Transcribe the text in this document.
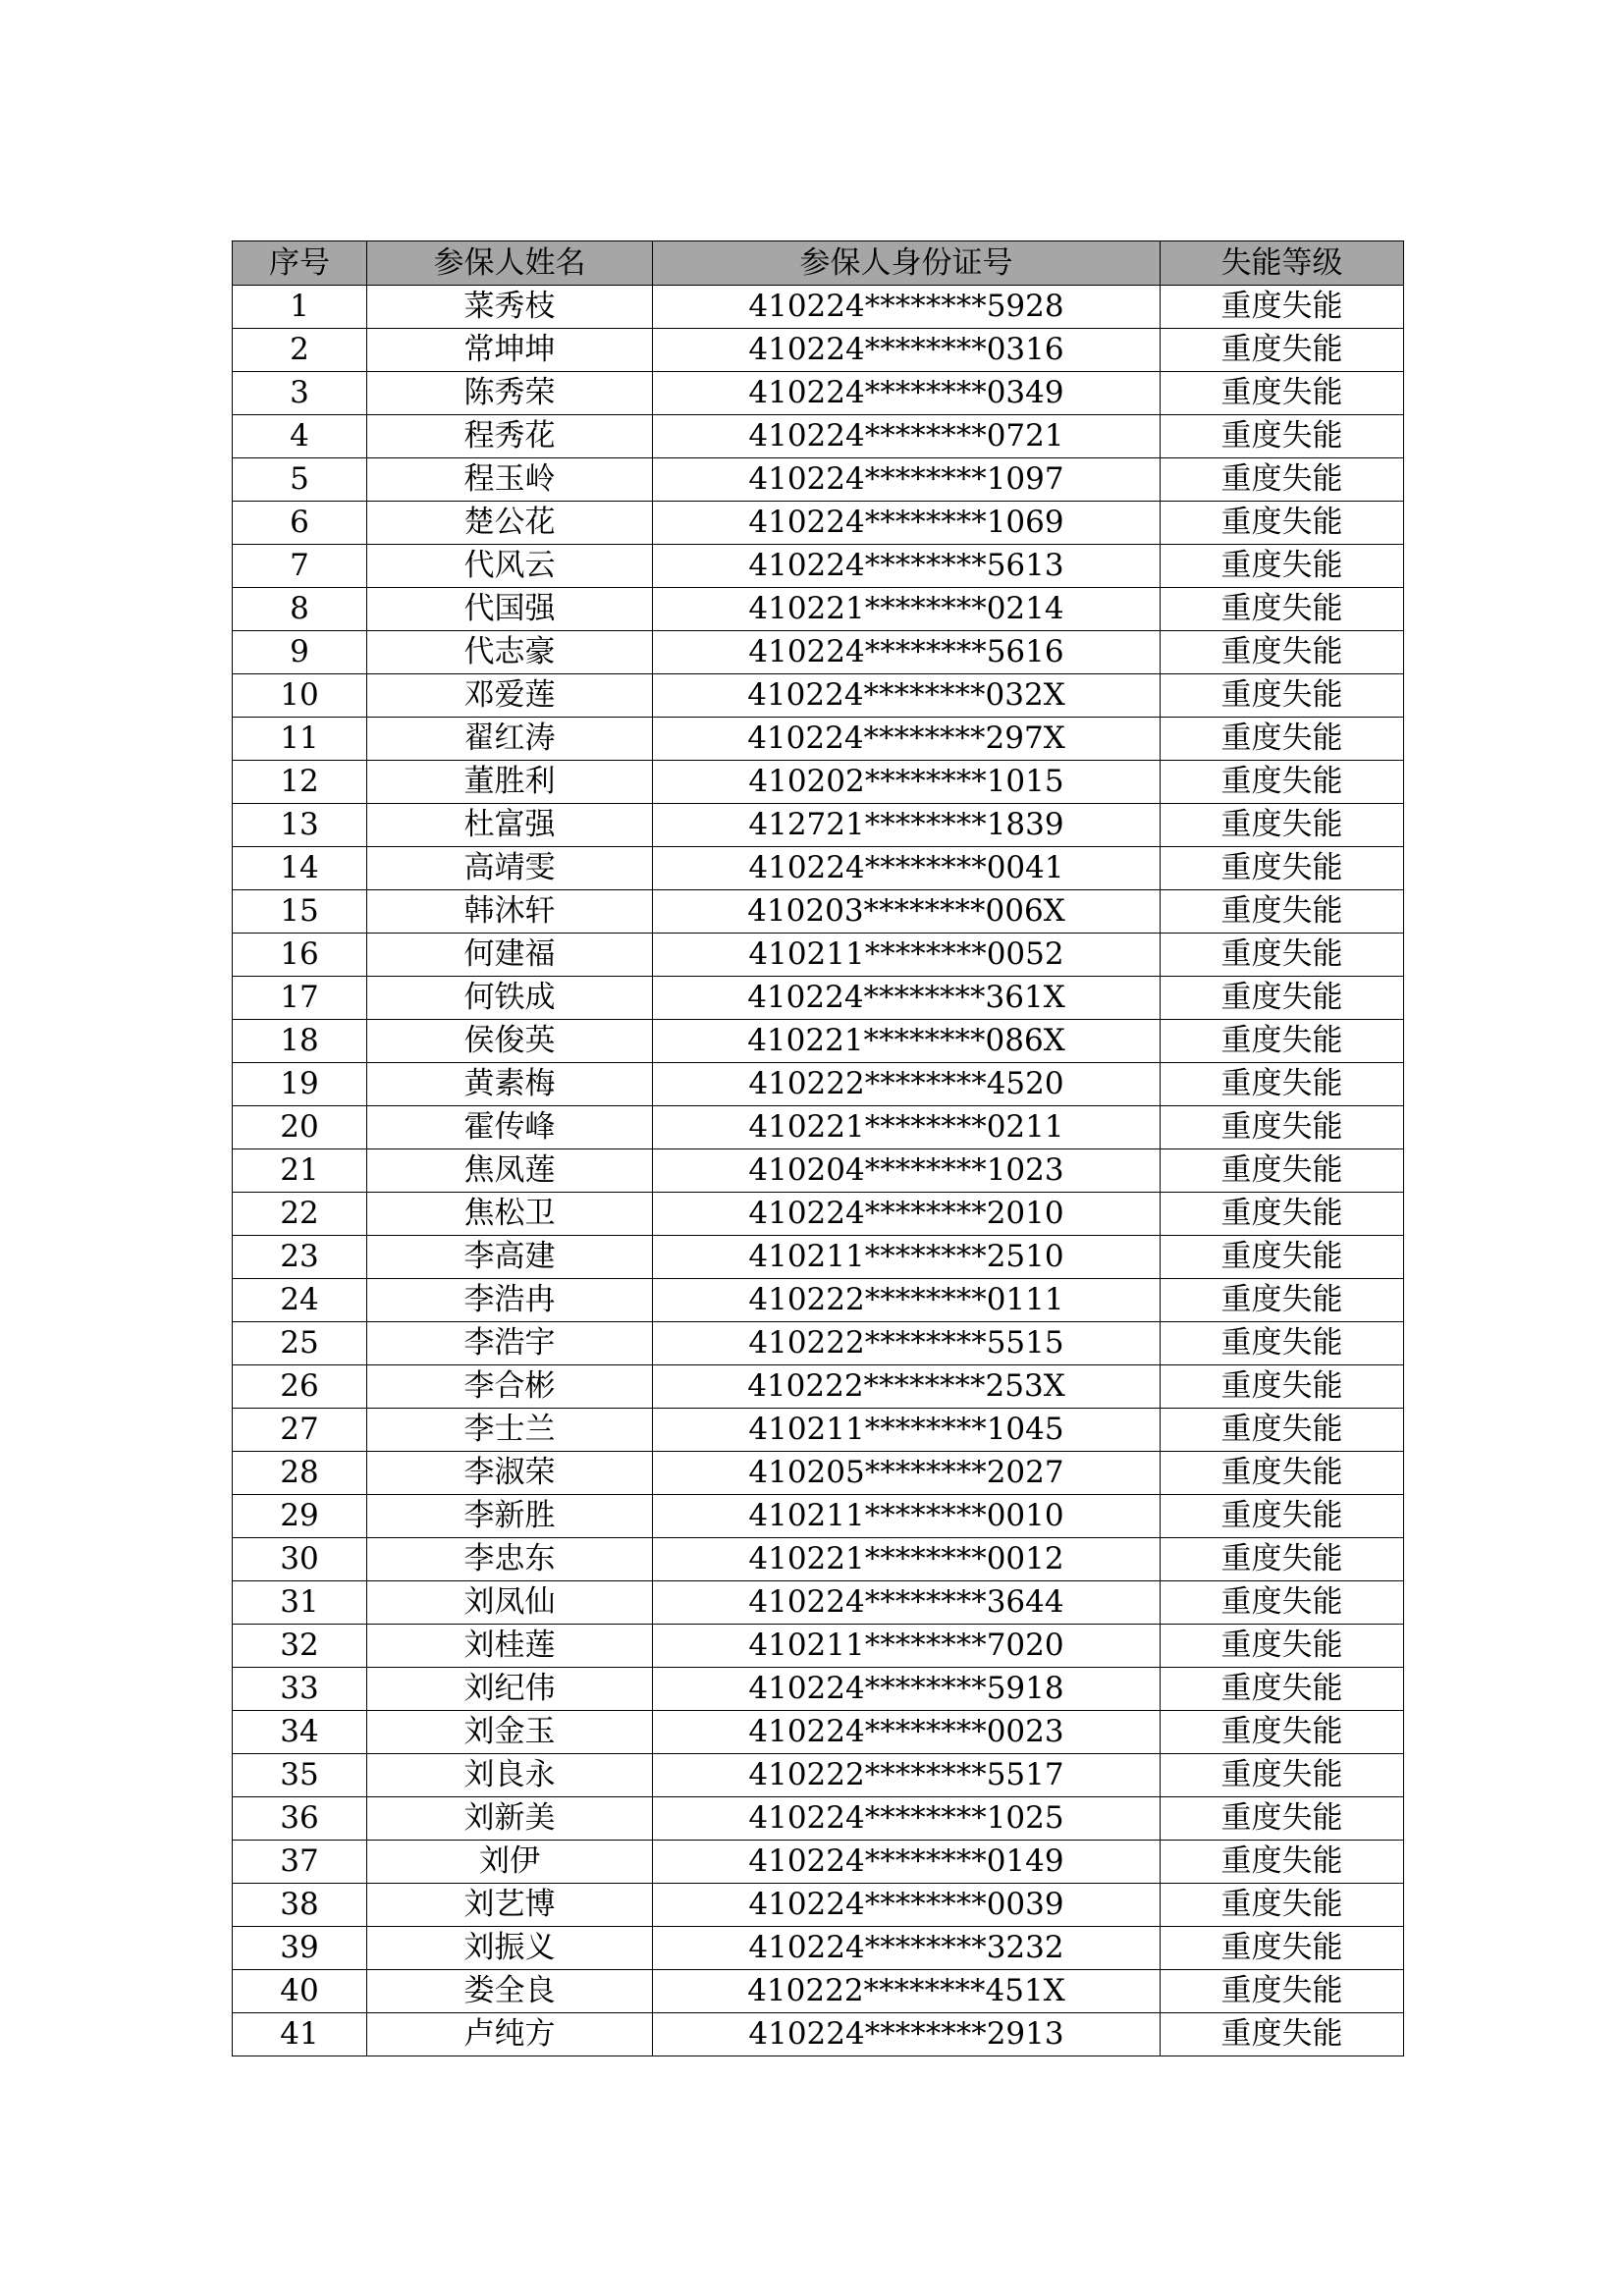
序号	参保人姓名	参保人身份证号	失能等级
1	菜秀枝	410224********5928	重度失能
2	常坤坤	410224********0316	重度失能
3	陈秀荣	410224********0349	重度失能
4	程秀花	410224********0721	重度失能
5	程玉岭	410224********1097	重度失能
6	楚公花	410224********1069	重度失能
7	代风云	410224********5613	重度失能
8	代国强	410221********0214	重度失能
9	代志豪	410224********5616	重度失能
10	邓爱莲	410224********032X	重度失能
11	翟红涛	410224********297X	重度失能
12	董胜利	410202********1015	重度失能
13	杜富强	412721********1839	重度失能
14	高靖雯	410224********0041	重度失能
15	韩沐轩	410203********006X	重度失能
16	何建福	410211********0052	重度失能
17	何铁成	410224********361X	重度失能
18	侯俊英	410221********086X	重度失能
19	黄素梅	410222********4520	重度失能
20	霍传峰	410221********0211	重度失能
21	焦凤莲	410204********1023	重度失能
22	焦松卫	410224********2010	重度失能
23	李高建	410211********2510	重度失能
24	李浩冉	410222********0111	重度失能
25	李浩宇	410222********5515	重度失能
26	李合彬	410222********253X	重度失能
27	李士兰	410211********1045	重度失能
28	李淑荣	410205********2027	重度失能
29	李新胜	410211********0010	重度失能
30	李忠东	410221********0012	重度失能
31	刘凤仙	410224********3644	重度失能
32	刘桂莲	410211********7020	重度失能
33	刘纪伟	410224********5918	重度失能
34	刘金玉	410224********0023	重度失能
35	刘良永	410222********5517	重度失能
36	刘新美	410224********1025	重度失能
37	刘伊	410224********0149	重度失能
38	刘艺博	410224********0039	重度失能
39	刘振义	410224********3232	重度失能
40	娄全良	410222********451X	重度失能
41	卢纯方	410224********2913	重度失能
